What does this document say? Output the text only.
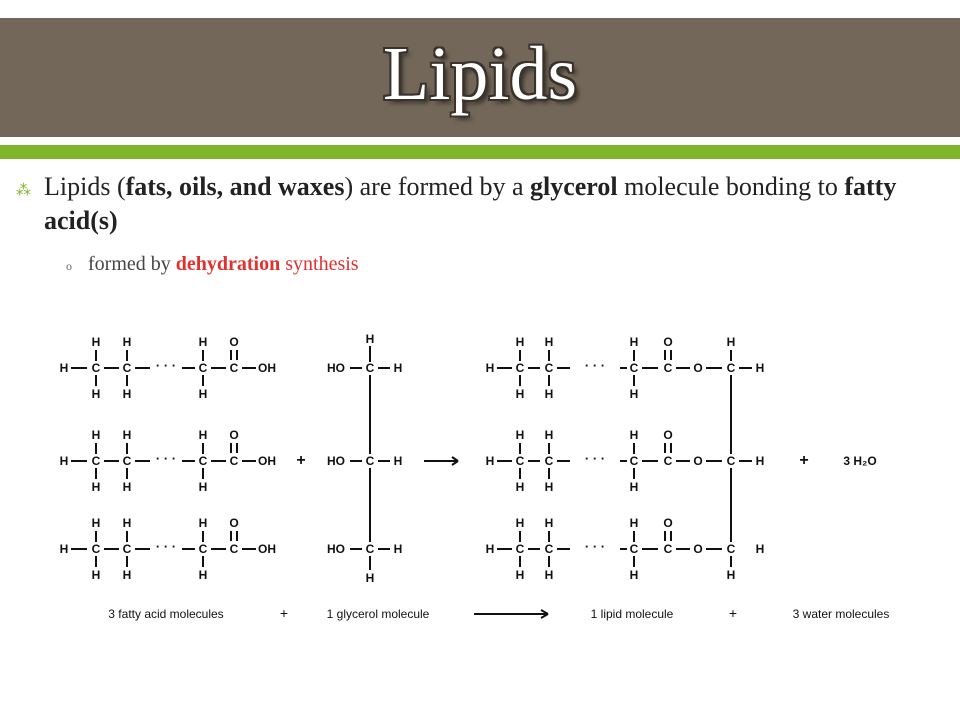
Lipids
⁂ Lipids (fats, oils, and waxes) are formed by a glycerol molecule bonding to fatty acid(s)
o formed by dehydration synthesis
H C
H
H
C
H
H
· · · C
H
H
C
O
OH
H C
H
H
C
H
H
· · · C
H
H
C
O
OH
H C
H
H
C
H
H
· · · C
H
H
C
O
OH
H
HO C H
HO C H
HO C H
H
+
H C
H
H
C
H
H
· · · C
H
H
C
O
O C
H
H C
H
H
C
H
H
· · · C
H
H
C
O
O C
H C
H
H
C
H
H
· · · C
H
H
C
O
O C
H
H
H
H
+	3 H₂O
3 fatty acid molecules	+	1 glycerol molecule	1 lipid molecule	+	3 water molecules
